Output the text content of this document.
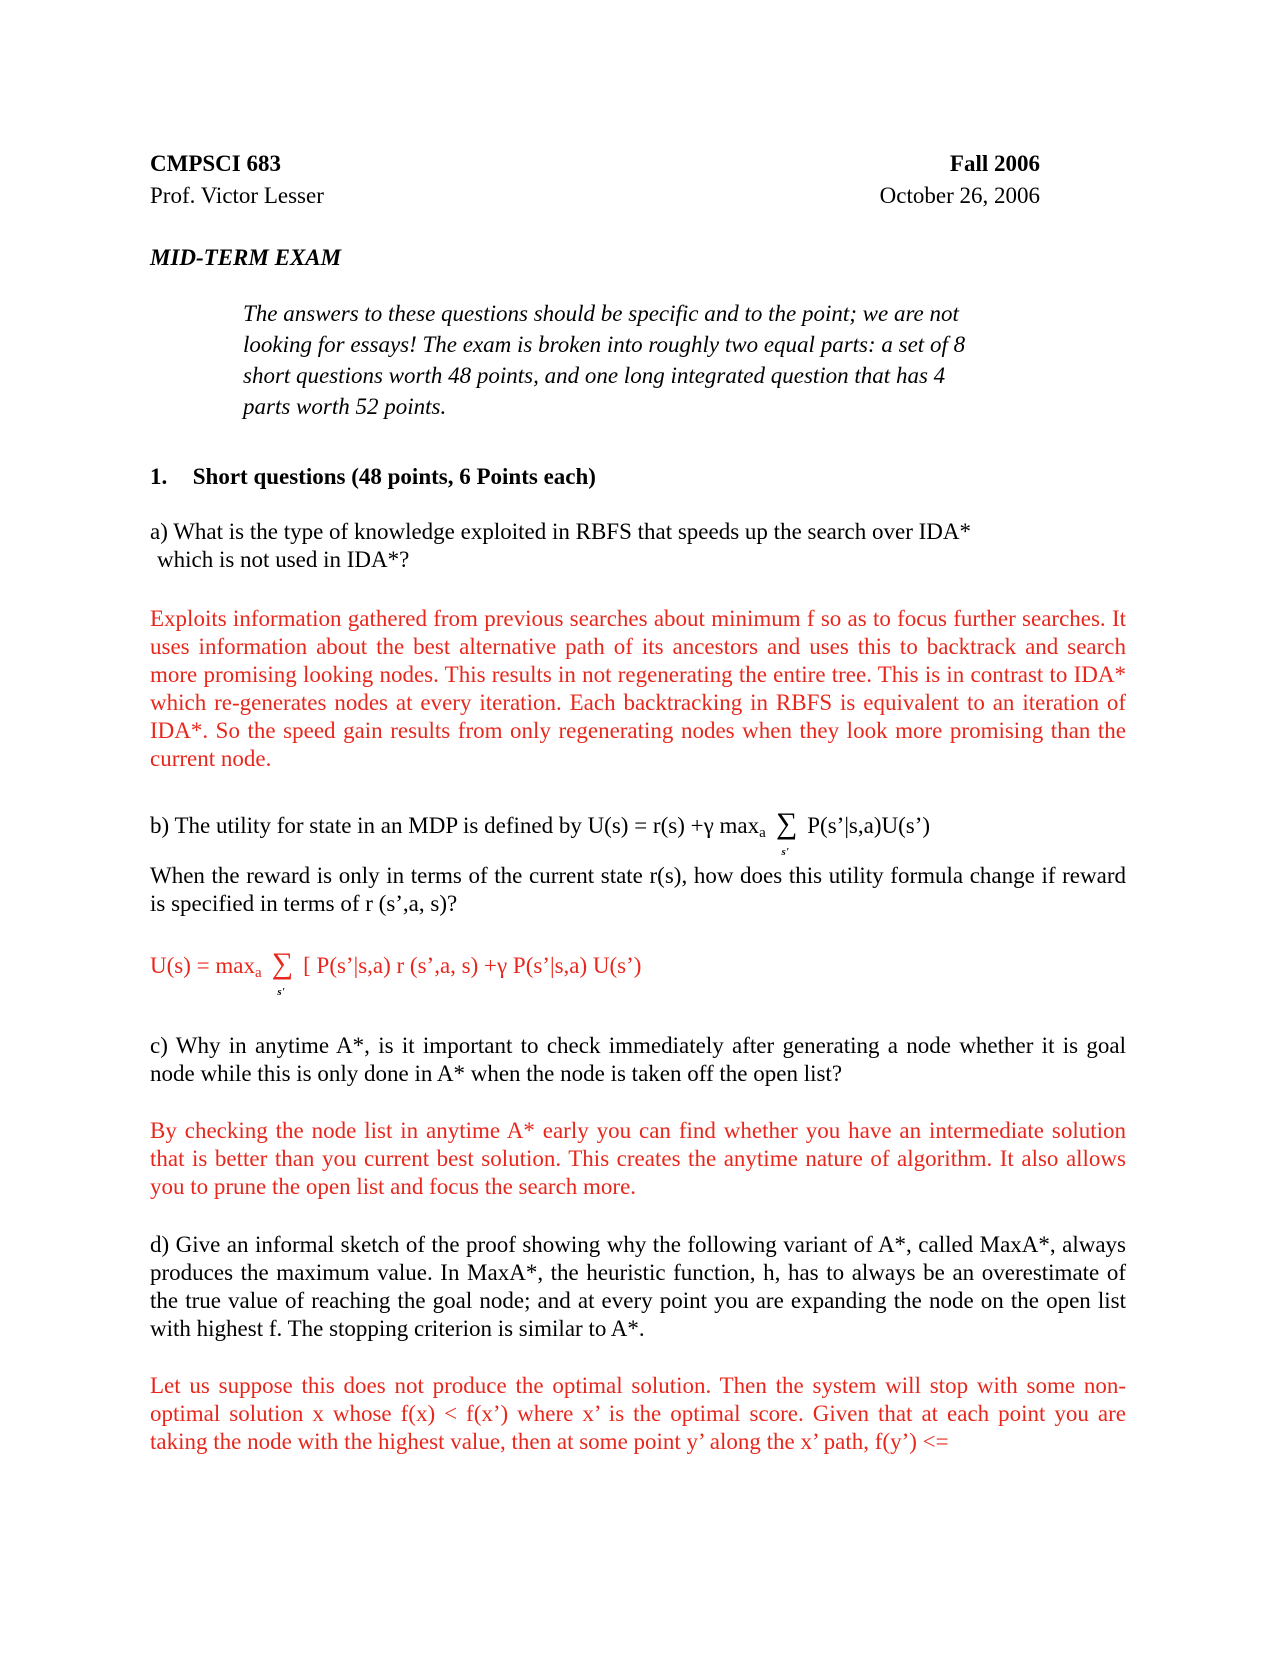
CMPSCI 683	Fall 2006
Prof. Victor Lesser	October 26, 2006
MID-TERM EXAM
The answers to these questions should be specific and to the point; we are not
looking for essays! The exam is broken into roughly two equal parts: a set of 8
short questions worth 48 points, and one long integrated question that has 4
parts worth 52 points.
1. Short questions (48 points, 6 Points each)
a) What is the type of knowledge exploited in RBFS that speeds up the search over IDA*
which is not used in IDA*?
Exploits information gathered from previous searches about minimum f so as to focus further searches. It uses information about the best alternative path of its ancestors and uses this to backtrack and search more promising looking nodes. This results in not regenerating the entire tree. This is in contrast to IDA* which re-generates nodes at every iteration. Each backtracking in RBFS is equivalent to an iteration of IDA*. So the speed gain results from only regenerating nodes when they look more promising than the current node.
b) The utility for state in an MDP is defined by U(s) = r(s) +γ $\max_a$ ∑
s'
P(s’|s,a)U(s’)
When the reward is only in terms of the current state r(s), how does this utility formula change if reward is specified in terms of r (s’,a, s)?
$U(s) = \max_a$ ∑
s'
[ P(s’|s,a) r (s’,a, s) +γ P(s’|s,a) U(s’)
c) Why in anytime A*, is it important to check immediately after generating a node whether it is goal node while this is only done in A* when the node is taken off the open list?
By checking the node list in anytime A* early you can find whether you have an intermediate solution that is better than you current best solution. This creates the anytime nature of algorithm. It also allows you to prune the open list and focus the search more.
d) Give an informal sketch of the proof showing why the following variant of A*, called MaxA*, always produces the maximum value. In MaxA*, the heuristic function, h, has to always be an overestimate of the true value of reaching the goal node; and at every point you are expanding the node on the open list with highest f. The stopping criterion is similar to A*.
Let us suppose this does not produce the optimal solution. Then the system will stop with some non-optimal solution x whose f(x) < f(x’) where x’ is the optimal score. Given that at each point you are taking the node with the highest value, then at some point y’ along the x’ path, f(y’) <=
